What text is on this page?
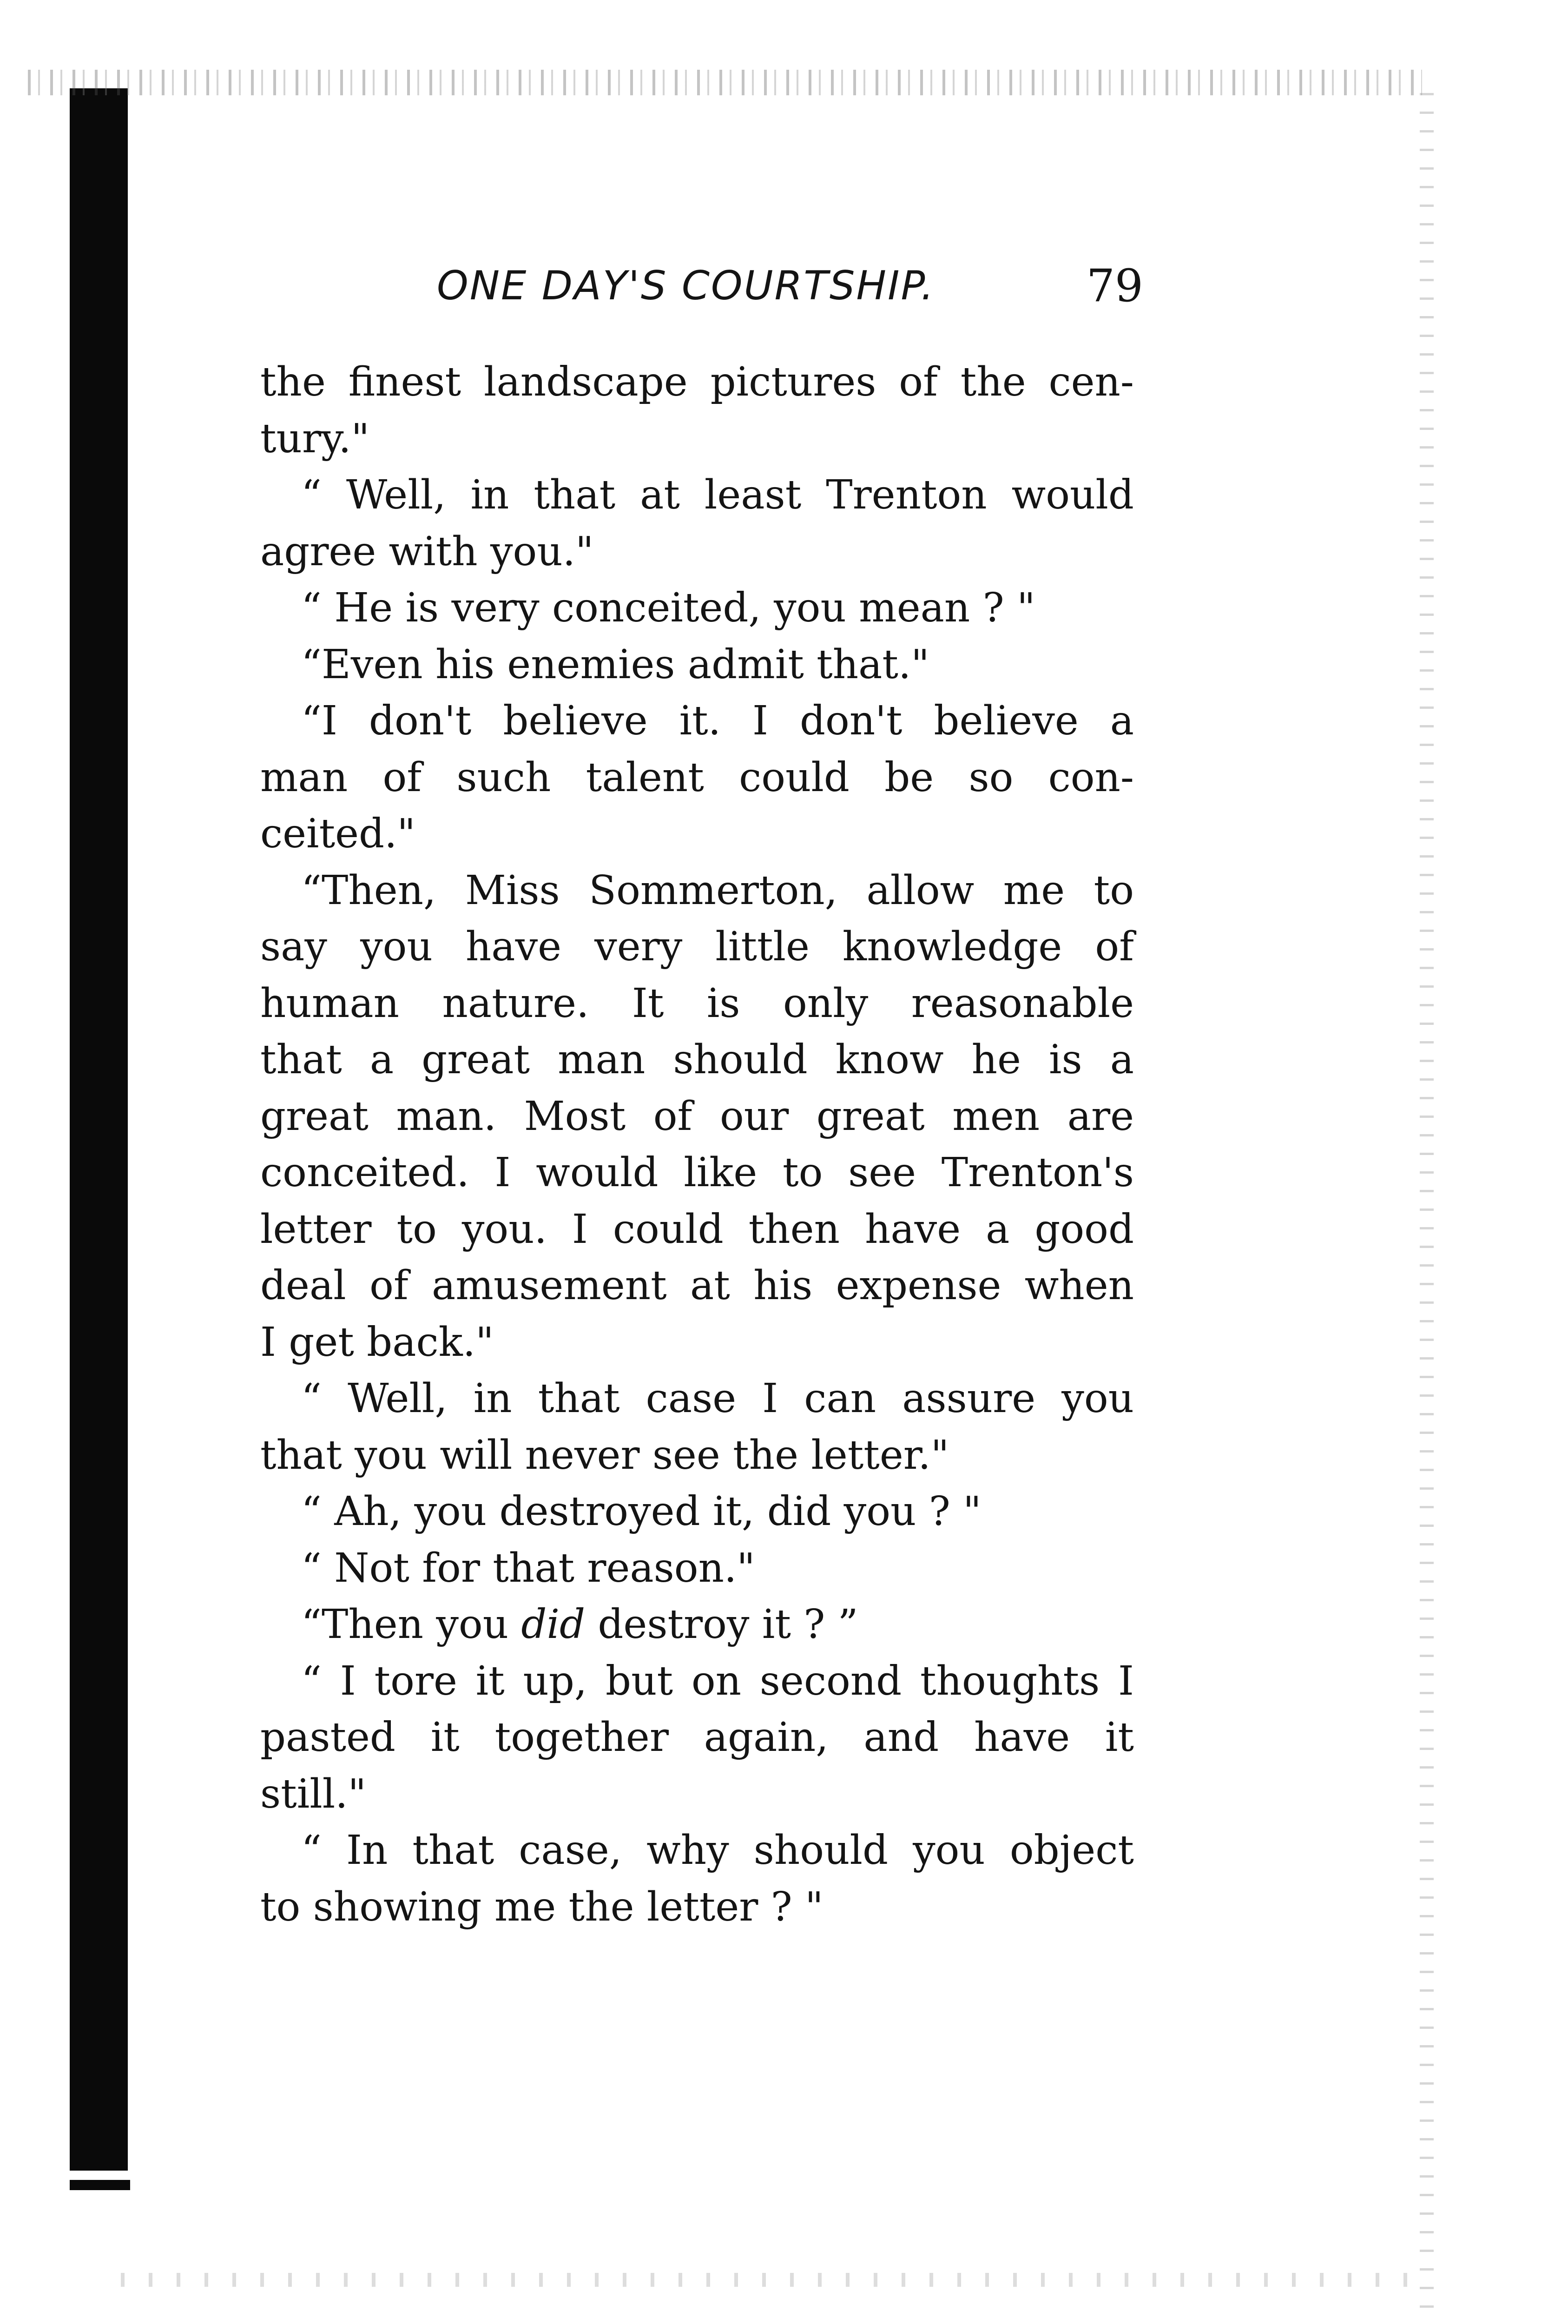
ONE DAY'S COURTSHIP.	79
the finest landscape pictures of the cen-
tury."
“ Well, in that at least Trenton would
agree with you."
“ He is very conceited, you mean ? "
“Even his enemies admit that."
“I don't believe it. I don't believe a
man of such talent could be so con-
ceited."
“Then, Miss Sommerton, allow me to
say you have very little knowledge of
human nature. It is only reasonable
that a great man should know he is a
great man. Most of our great men are
conceited. I would like to see Trenton's
letter to you. I could then have a good
deal of amusement at his expense when
I get back."
“ Well, in that case I can assure you
that you will never see the letter."
“ Ah, you destroyed it, did you ? "
“ Not for that reason."
“Then you did destroy it ? ”
“ I tore it up, but on second thoughts I
pasted it together again, and have it
still."
“ In that case, why should you object
to showing me the letter ? "
